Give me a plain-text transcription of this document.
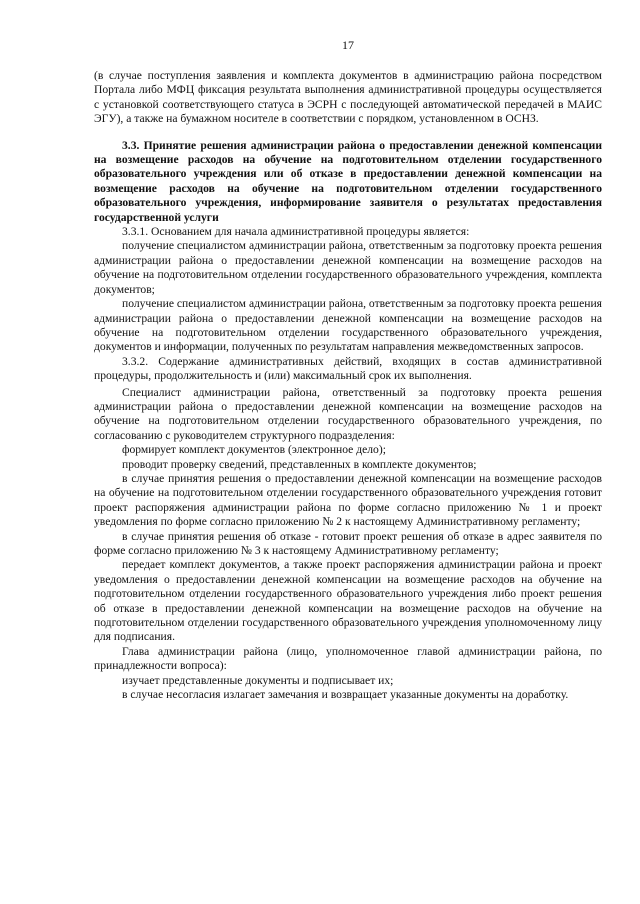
17

(в случае поступления заявления и комплекта документов в администрацию района посредством Портала либо МФЦ фиксация результата выполнения административной процедуры осуществляется с установкой соответствующего статуса в ЭСРН с последующей автоматической передачей в МАИС ЭГУ), а также на бумажном носителе в соответствии с порядком, установленном в ОСНЗ.

3.3. Принятие решения администрации района о предоставлении денежной компенсации на возмещение расходов на обучение на подготовительном отделении государственного образовательного учреждения или об отказе в предоставлении денежной компенсации на возмещение расходов на обучение на подготовительном отделении государственного образовательного учреждения, информирование заявителя о результатах предоставления государственной услуги

3.3.1. Основанием для начала административной процедуры является:

получение специалистом администрации района, ответственным за подготовку проекта решения администрации района о предоставлении денежной компенсации на возмещение расходов на обучение на подготовительном отделении государственного образовательного учреждения, комплекта документов;

получение специалистом администрации района, ответственным за подготовку проекта решения администрации района о предоставлении денежной компенсации на возмещение расходов на обучение на подготовительном отделении государственного образовательного учреждения, документов и информации, полученных по результатам направления межведомственных запросов.

3.3.2. Содержание административных действий, входящих в состав административной процедуры, продолжительность и (или) максимальный срок их выполнения.

Специалист администрации района, ответственный за подготовку проекта решения администрации района о предоставлении денежной компенсации на возмещение расходов на обучение на подготовительном отделении государственного образовательного учреждения, по согласованию с руководителем структурного подразделения:

формирует комплект документов (электронное дело);

проводит проверку сведений, представленных в комплекте документов;

в случае принятия решения о предоставлении денежной компенсации на возмещение расходов на обучение на подготовительном отделении государственного образовательного учреждения готовит проект распоряжения администрации района по форме согласно приложению № 1 и проект уведомления по форме согласно приложению № 2 к настоящему Административному регламенту;

в случае принятия решения об отказе - готовит проект решения об отказе в адрес заявителя по форме согласно приложению № 3 к настоящему Административному регламенту;

передает комплект документов, а также проект распоряжения администрации района и проект уведомления о предоставлении денежной компенсации на возмещение расходов на обучение на подготовительном отделении государственного образовательного учреждения либо проект решения об отказе в предоставлении денежной компенсации на возмещение расходов на обучение на подготовительном отделении государственного образовательного учреждения уполномоченному лицу для подписания.

Глава администрации района (лицо, уполномоченное главой администрации района, по принадлежности вопроса):

изучает представленные документы и подписывает их;

в случае несогласия излагает замечания и возвращает указанные документы на доработку.
